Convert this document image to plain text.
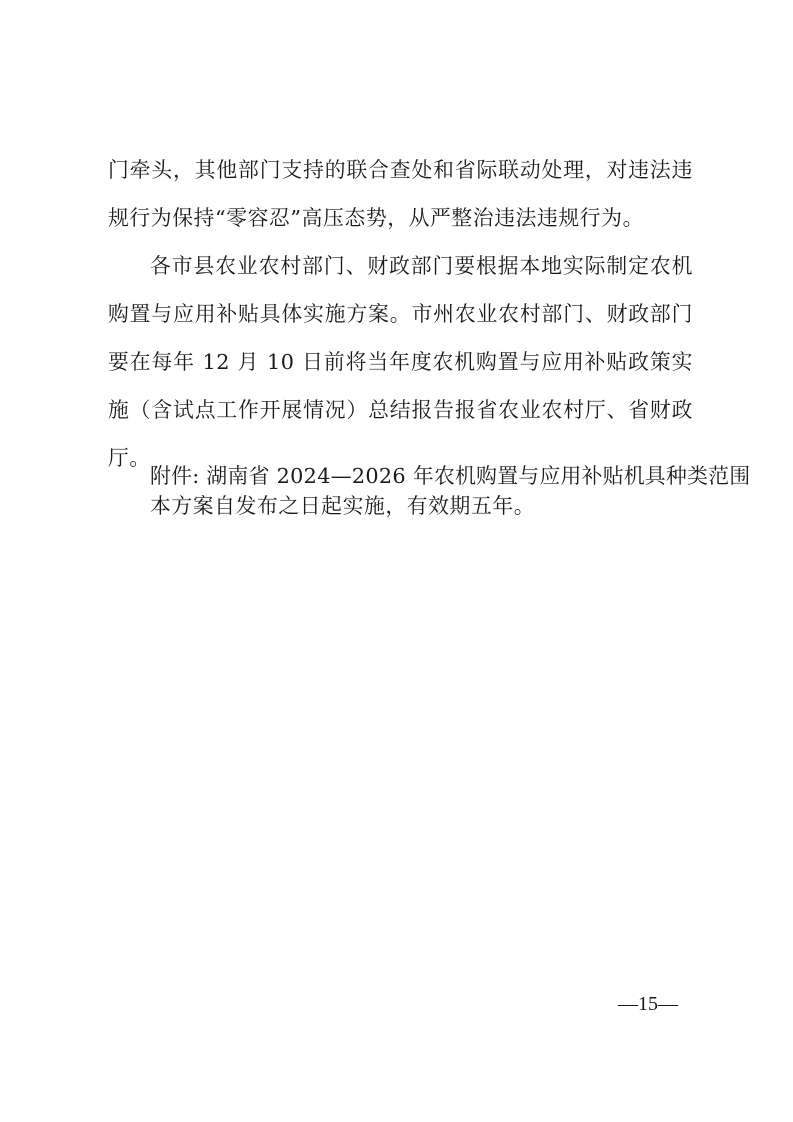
门牵头，其他部门支持的联合查处和省际联动处理，对违法违规行为保持“零容忍”高压态势，从严整治违法违规行为。

各市县农业农村部门、财政部门要根据本地实际制定农机购置与应用补贴具体实施方案。市州农业农村部门、财政部门要在每年 12 月 10 日前将当年度农机购置与应用补贴政策实施（含试点工作开展情况）总结报告报省农业农村厅、省财政厅。

本方案自发布之日起实施，有效期五年。

附件: 湖南省 2024—2026 年农机购置与应用补贴机具种类范围
—15—
